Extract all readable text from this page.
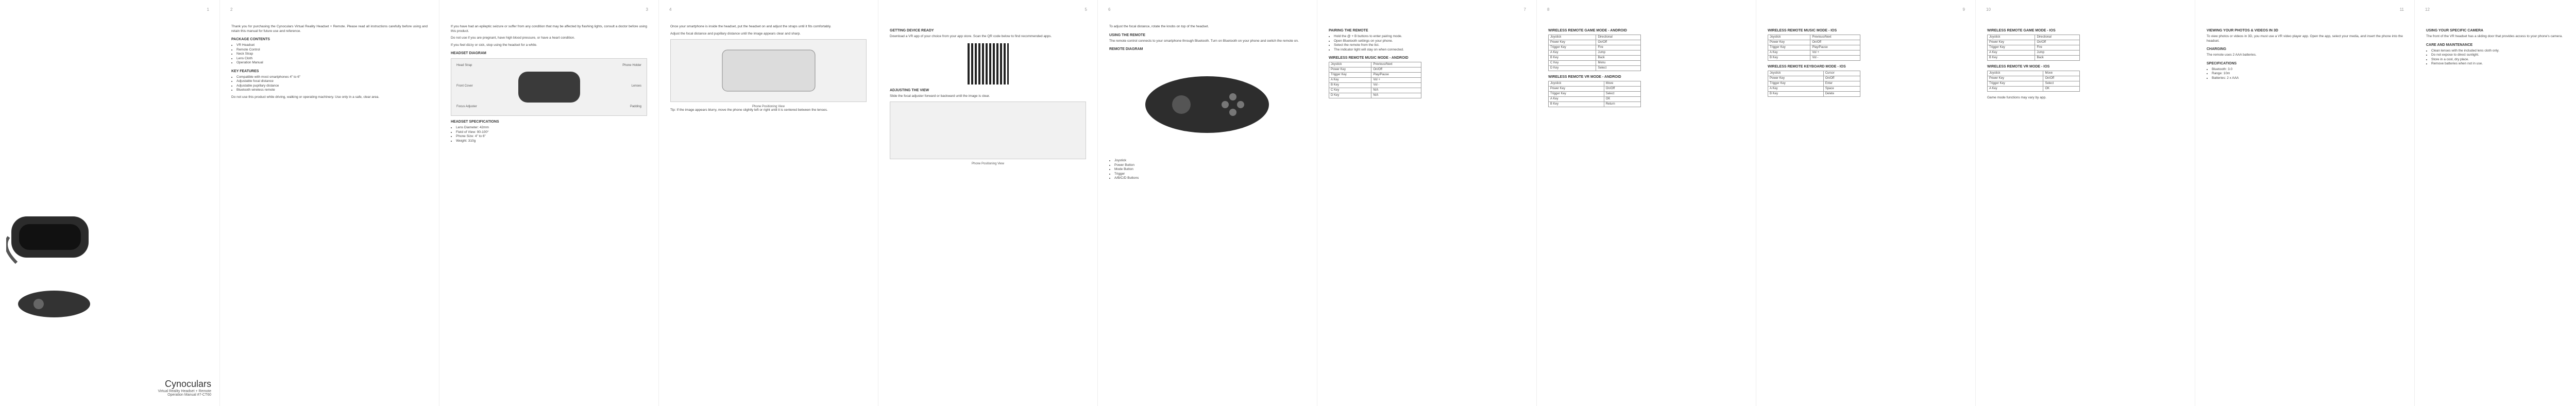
1
Cynoculars
Virtual Reality Headset + Remote
Operation Manual #7-CT60
2

Thank you for purchasing the Cynoculars Virtual Reality Headset + Remote. Please read all instructions carefully before using and retain this manual for future use and reference.

PACKAGE CONTENTS
• VR Headset
• Remote Control
• Neck Strap
• Lens Cloth
• Operation Manual
KEY FEATURES
• Compatible with most smartphones 4" to 6"
• Adjustable focal distance
• Adjustable pupillary distance
• Bluetooth wireless remote

Do not use this product while driving, walking or operating machinery. Use only in a safe, clear area.

3

If you have had an epileptic seizure or suffer from any condition that may be affected by flashing lights, consult a doctor before using this product.

Do not use if you are pregnant, have high blood pressure, or have a heart condition.

If you feel dizzy or sick, stop using the headset for a while.

HEADSET DIAGRAM
Head Strap
Front Cover
Focus Adjuster
Phone Holder
Lenses
Padding
HEADSET SPECIFICATIONS
• Lens Diameter: 42mm
• Field of View: 90-100°
• Phone Size: 4" to 6"
• Weight: 310g
4

Once your smartphone is inside the headset, put the headset on and adjust the straps until it fits comfortably.

Adjust the focal distance and pupillary distance until the image appears clear and sharp.

Phone Positioning View

Tip: If the image appears blurry, move the phone slightly left or right until it is centered between the lenses.

5
GETTING DEVICE READY

Download a VR app of your choice from your app store. Scan the QR code below to find recommended apps.

ADJUSTING THE VIEW

Slide the focal adjuster forward or backward until the image is clear.

Phone Positioning View
6

To adjust the focal distance, rotate the knobs on top of the headset.

USING THE REMOTE

The remote control connects to your smartphone through Bluetooth. Turn on Bluetooth on your phone and switch the remote on.

REMOTE DIAGRAM
• Joystick
• Power Button
• Mode Button
• Trigger
• A/B/C/D Buttons
7
PAIRING THE REMOTE
• Hold the @ + B buttons to enter pairing mode.
• Open Bluetooth settings on your phone.
• Select the remote from the list.
• The indicator light will stay on when connected.
WIRELESS REMOTE MUSIC MODE - ANDROID
Joystick	Previous/Next
Power Key	On/Off
Trigger Key	Play/Pause
A Key	Vol +
B Key	Vol -
C Key	N/A
D Key	N/A
8
WIRELESS REMOTE GAME MODE - ANDROID
Joystick	Directional
Power Key	On/Off
Trigger Key	Fire
A Key	Jump
B Key	Back
C Key	Menu
D Key	Select
WIRELESS REMOTE VR MODE - ANDROID
Joystick	Move
Power Key	On/Off
Trigger Key	Select
A Key	OK
B Key	Return
9
WIRELESS REMOTE MUSIC MODE - IOS
Joystick	Previous/Next
Power Key	On/Off
Trigger Key	Play/Pause
A Key	Vol +
B Key	Vol -
WIRELESS REMOTE KEYBOARD MODE - IOS
Joystick	Cursor
Power Key	On/Off
Trigger Key	Enter
A Key	Space
B Key	Delete
10
WIRELESS REMOTE GAME MODE - IOS
Joystick	Directional
Power Key	On/Off
Trigger Key	Fire
A Key	Jump
B Key	Back
WIRELESS REMOTE VR MODE - IOS
Joystick	Move
Power Key	On/Off
Trigger Key	Select
A Key	OK

Game mode functions may vary by app.

11
VIEWING YOUR PHOTOS & VIDEOS IN 3D

To view photos or videos in 3D, you must use a VR video player app. Open the app, select your media, and insert the phone into the headset.

CHARGING

The remote uses 2 AAA batteries.

SPECIFICATIONS
• Bluetooth: 3.0
• Range: 10m
• Batteries: 2 x AAA
12
USING YOUR SPECIFIC CAMERA

The front of the VR headset has a sliding door that provides access to your phone's camera.

CARE AND MAINTENANCE
• Clean lenses with the included lens cloth only.
• Do not expose to direct sunlight.
• Store in a cool, dry place.
• Remove batteries when not in use.
